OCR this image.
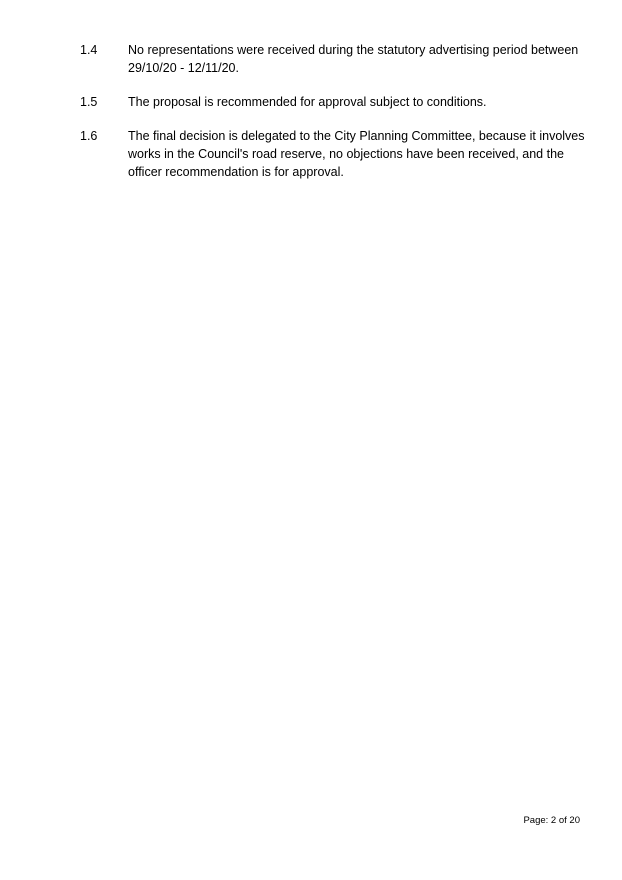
1.4 No representations were received during the statutory advertising period between
29/10/20 - 12/11/20.
1.5 The proposal is recommended for approval subject to conditions.
1.6 The final decision is delegated to the City Planning Committee, because it involves
works in the Council's road reserve, no objections have been received, and the
officer recommendation is for approval.
Page: 2 of 20
